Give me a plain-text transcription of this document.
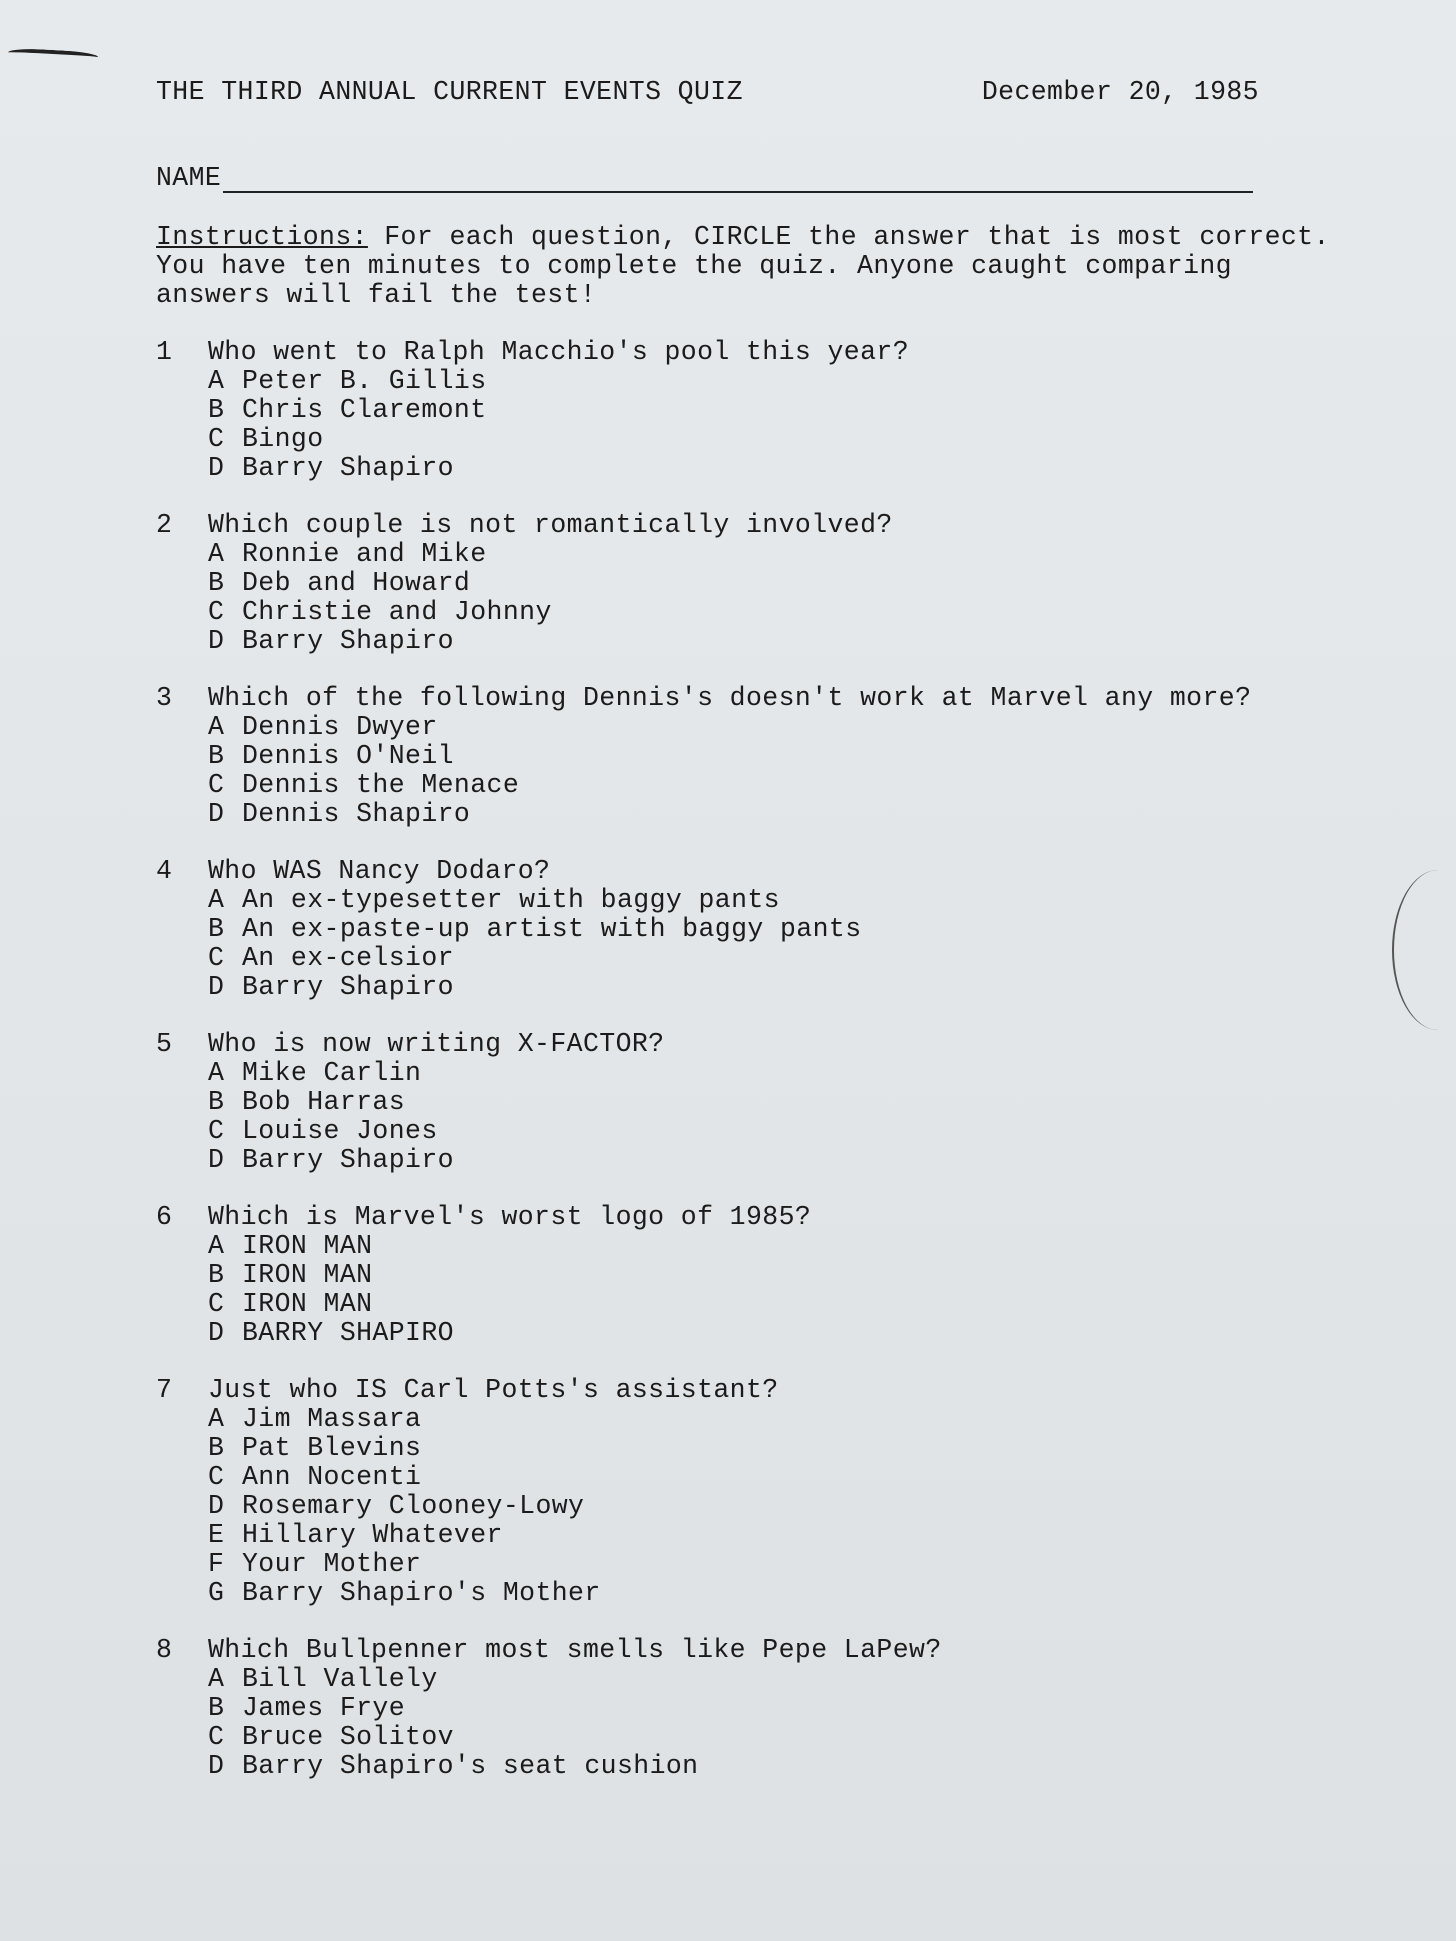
THE THIRD ANNUAL CURRENT EVENTS QUIZ	December 20, 1985
NAME
Instructions: For each question, CIRCLE the answer that is most correct. You have ten minutes to complete the quiz. Anyone caught comparing answers will fail the test!
1	Who went to Ralph Macchio's pool this year?
A Peter B. Gillis
B Chris Claremont
C Bingo
D Barry Shapiro
2	Which couple is not romantically involved?
A Ronnie and Mike
B Deb and Howard
C Christie and Johnny
D Barry Shapiro
3	Which of the following Dennis's doesn't work at Marvel any more?
A Dennis Dwyer
B Dennis O'Neil
C Dennis the Menace
D Dennis Shapiro
4	Who WAS Nancy Dodaro?
A An ex-typesetter with baggy pants
B An ex-paste-up artist with baggy pants
C An ex-celsior
D Barry Shapiro
5	Who is now writing X-FACTOR?
A Mike Carlin
B Bob Harras
C Louise Jones
D Barry Shapiro
6	Which is Marvel's worst logo of 1985?
A IRON MAN
B IRON MAN
C IRON MAN
D BARRY SHAPIRO
7	Just who IS Carl Potts's assistant?
A Jim Massara
B Pat Blevins
C Ann Nocenti
D Rosemary Clooney-Lowy
E Hillary Whatever
F Your Mother
G Barry Shapiro's Mother
8	Which Bullpenner most smells like Pepe LaPew?
A Bill Vallely
B James Frye
C Bruce Solitov
D Barry Shapiro's seat cushion
